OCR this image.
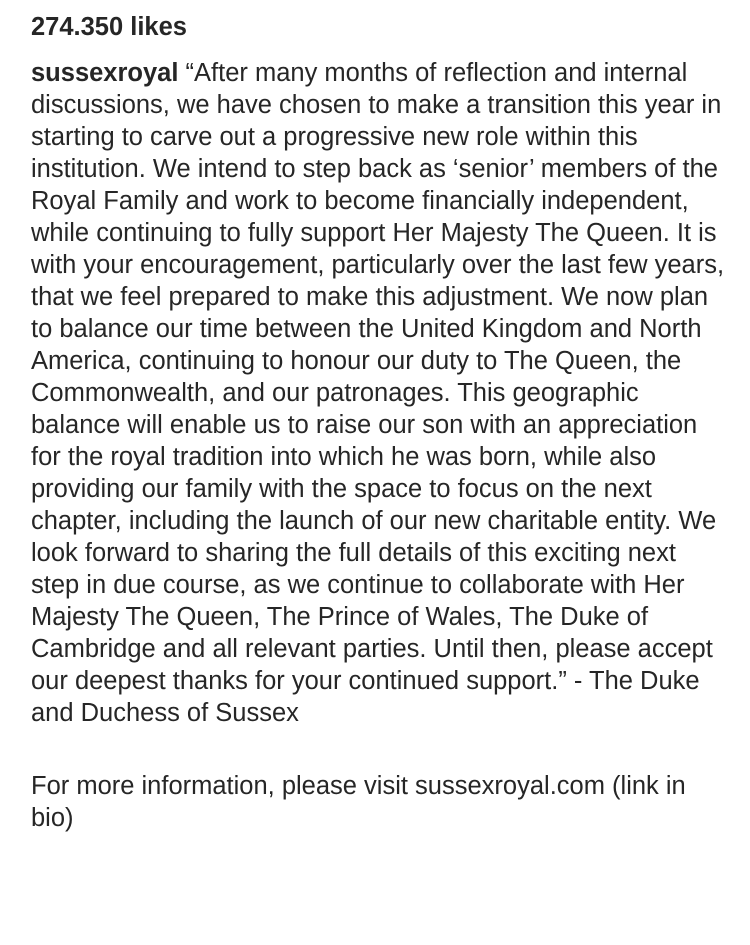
274.350 likes

sussexroyal “After many months of reflection and internal discussions, we have chosen to make a transition this year in starting to carve out a progressive new role within this institution. We intend to step back as ‘senior’ members of the Royal Family and work to become financially independent, while continuing to fully support Her Majesty The Queen. It is with your encouragement, particularly over the last few years, that we feel prepared to make this adjustment. We now plan to balance our time between the United Kingdom and North America, continuing to honour our duty to The Queen, the Commonwealth, and our patronages. This geographic balance will enable us to raise our son with an appreciation for the royal tradition into which he was born, while also providing our family with the space to focus on the next chapter, including the launch of our new charitable entity. We look forward to sharing the full details of this exciting next step in due course, as we continue to collaborate with Her Majesty The Queen, The Prince of Wales, The Duke of Cambridge and all relevant parties. Until then, please accept our deepest thanks for your continued support.” - The Duke and Duchess of Sussex

For more information, please visit sussexroyal.com (link in bio)
